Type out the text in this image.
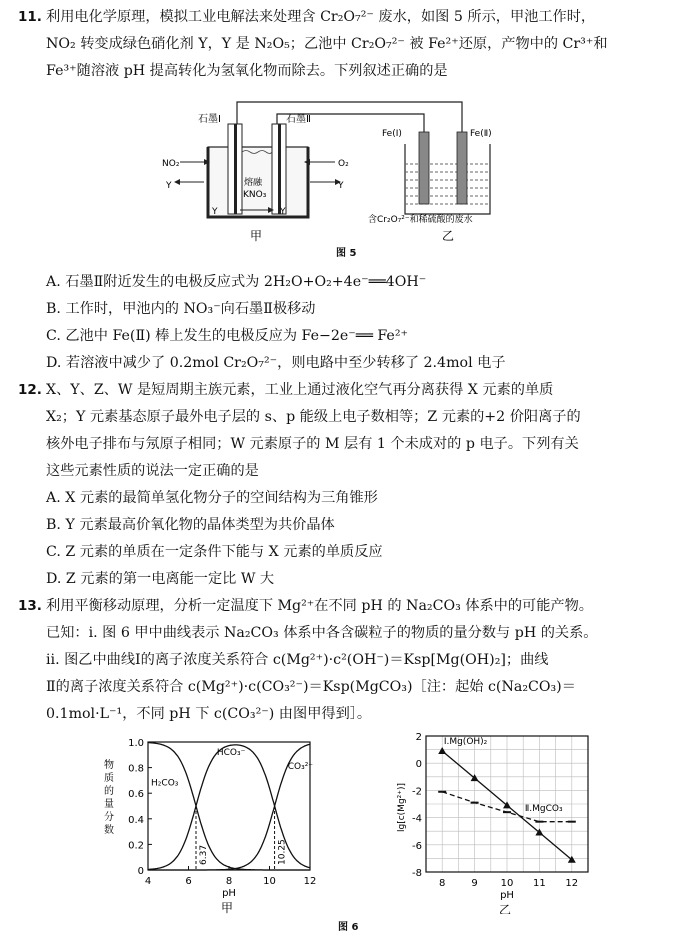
11. 利用电化学原理，模拟工业电解法来处理含 Cr₂O₇²⁻ 废水，如图 5 所示，甲池工作时，
NO₂ 转变成绿色硝化剂 Y，Y 是 N₂O₅；乙池中 Cr₂O₇²⁻ 被 Fe²⁺还原，产物中的 Cr³⁺和
Fe³⁺随溶液 pH 提高转化为氢氧化物而除去。下列叙述正确的是
熔融
KNO₃
NO₂
Y
O₂
Y
Y	Y
石墨Ⅰ	石墨Ⅱ
甲
Fe(Ⅰ)	Fe(Ⅱ)
含Cr₂O₇²⁻和稀硫酸的废水
乙
图 5
A. 石墨Ⅱ附近发生的电极反应式为 2H₂O+O₂+4e⁻══4OH⁻
B. 工作时，甲池内的 NO₃⁻向石墨Ⅱ极移动
C. 乙池中 Fe(Ⅱ) 棒上发生的电极反应为 Fe−2e⁻══ Fe²⁺
D. 若溶液中减少了 0.2mol Cr₂O₇²⁻，则电路中至少转移了 2.4mol 电子
12. X、Y、Z、W 是短周期主族元素，工业上通过液化空气再分离获得 X 元素的单质
X₂；Y 元素基态原子最外电子层的 s、p 能级上电子数相等；Z 元素的+2 价阳离子的
核外电子排布与氖原子相同；W 元素原子的 M 层有 1 个未成对的 p 电子。下列有关
这些元素性质的说法一定正确的是
A. X 元素的最简单氢化物分子的空间结构为三角锥形
B. Y 元素最高价氧化物的晶体类型为共价晶体
C. Z 元素的单质在一定条件下能与 X 元素的单质反应
D. Z 元素的第一电离能一定比 W 大
13. 利用平衡移动原理，分析一定温度下 Mg²⁺在不同 pH 的 Na₂CO₃ 体系中的可能产物。
已知：ⅰ. 图 6 甲中曲线表示 Na₂CO₃ 体系中各含碳粒子的物质的量分数与 pH 的关系。
ⅱ. 图乙中曲线Ⅰ的离子浓度关系符合 c(Mg²⁺)·c²(OH⁻)＝Ksp[Mg(OH)₂]；曲线
Ⅱ的离子浓度关系符合 c(Mg²⁺)·c(CO₃²⁻)＝Ksp(MgCO₃)［注：起始 c(Na₂CO₃)＝
0.1mol·L⁻¹，不同 pH 下 c(CO₃²⁻) 由图甲得到］。
0
0.2
0.4
0.6
0.8
1.0
4	6	8	10	12
H₂CO₃
HCO₃⁻
CO₃²⁻
6.37	10.25
物
质
的
量
分
数
pH
甲
-8
-6
-4
-2
0
2
8	9 10 11 12
Ⅰ.Mg(OH)₂
Ⅱ.MgCO₃
lg[c(Mg²⁺)]
pH
乙
图 6
